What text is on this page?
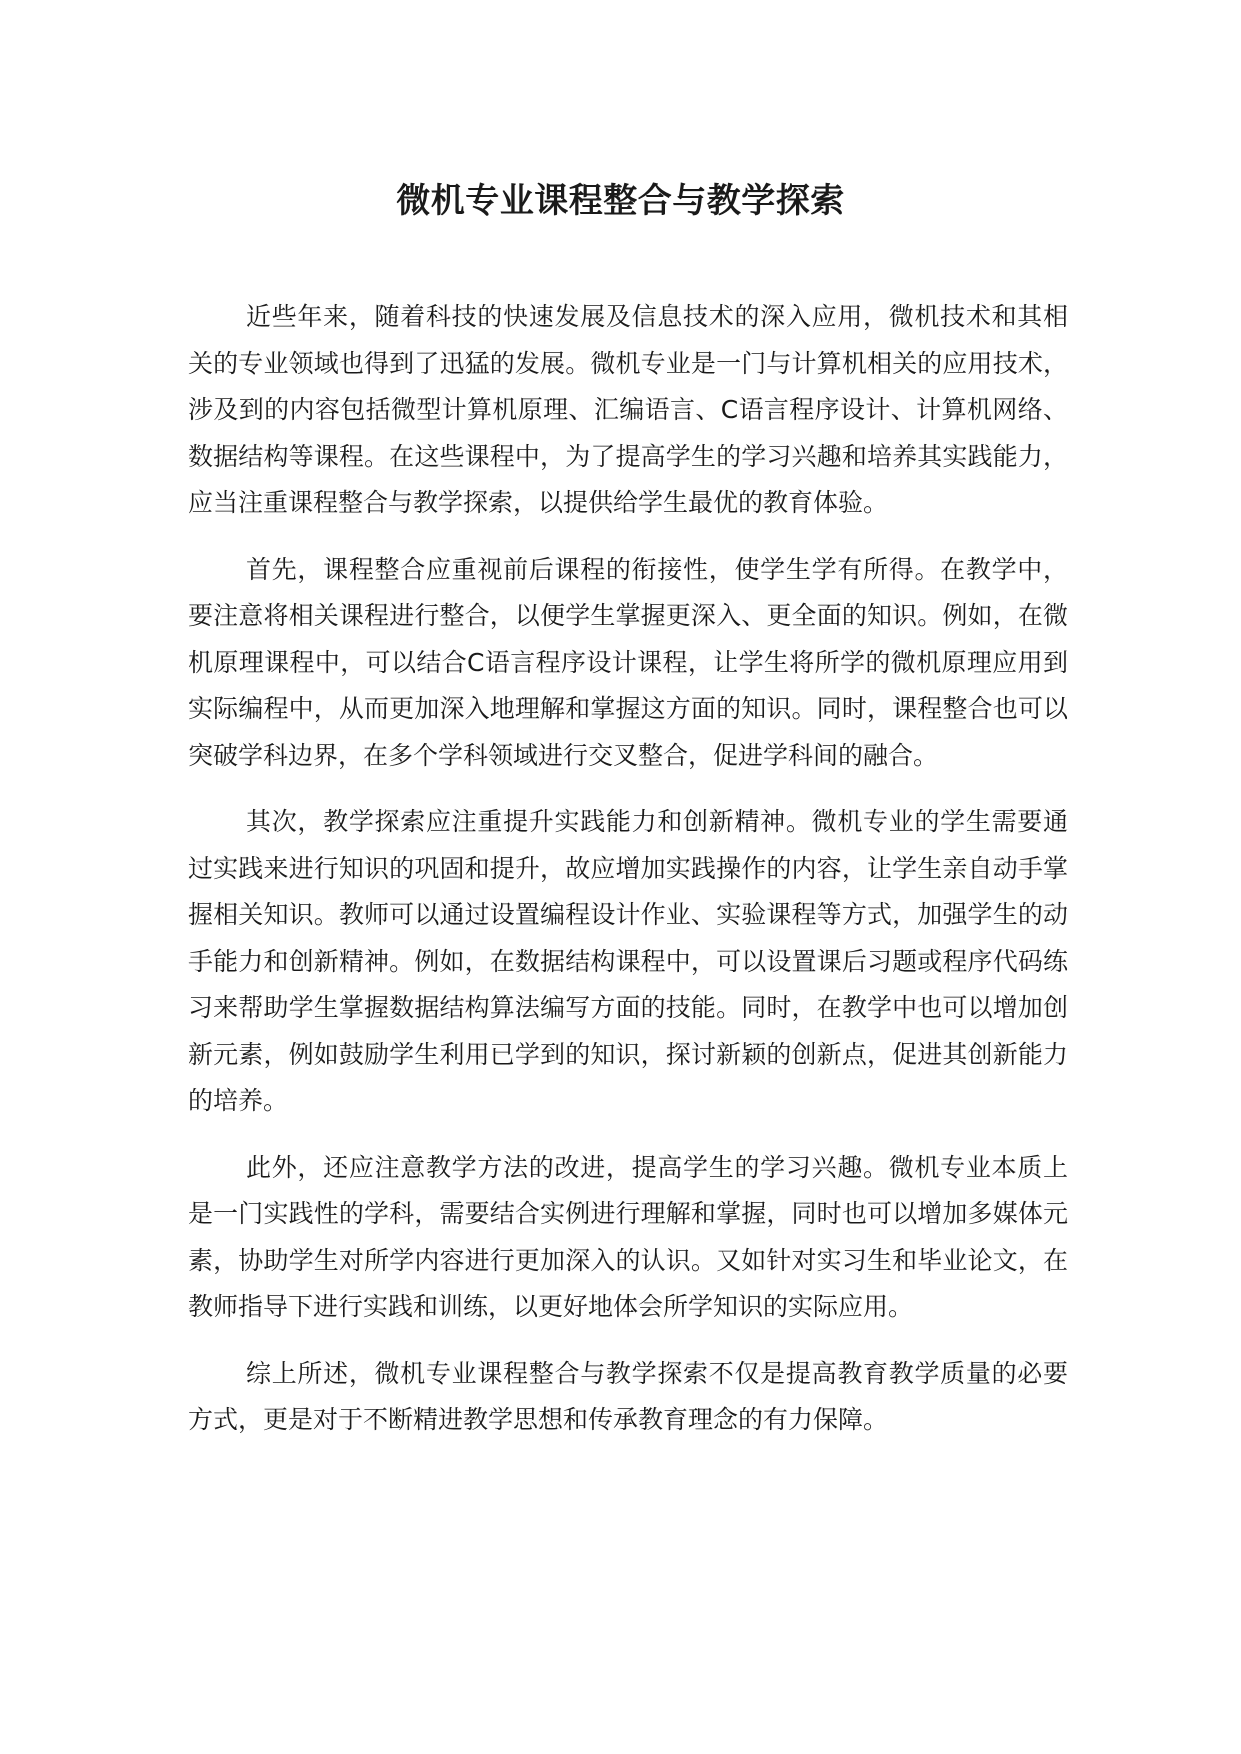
微机专业课程整合与教学探索

近些年来，随着科技的快速发展及信息技术的深入应用，微机技术和其相关的专业领域也得到了迅猛的发展。微机专业是一门与计算机相关的应用技术，涉及到的内容包括微型计算机原理、汇编语言、C语言程序设计、计算机网络、数据结构等课程。在这些课程中，为了提高学生的学习兴趣和培养其实践能力，应当注重课程整合与教学探索，以提供给学生最优的教育体验。

首先，课程整合应重视前后课程的衔接性，使学生学有所得。在教学中，要注意将相关课程进行整合，以便学生掌握更深入、更全面的知识。例如，在微机原理课程中，可以结合C语言程序设计课程，让学生将所学的微机原理应用到实际编程中，从而更加深入地理解和掌握这方面的知识。同时，课程整合也可以突破学科边界，在多个学科领域进行交叉整合，促进学科间的融合。

其次，教学探索应注重提升实践能力和创新精神。微机专业的学生需要通过实践来进行知识的巩固和提升，故应增加实践操作的内容，让学生亲自动手掌握相关知识。教师可以通过设置编程设计作业、实验课程等方式，加强学生的动手能力和创新精神。例如，在数据结构课程中，可以设置课后习题或程序代码练习来帮助学生掌握数据结构算法编写方面的技能。同时，在教学中也可以增加创新元素，例如鼓励学生利用已学到的知识，探讨新颖的创新点，促进其创新能力的培养。

此外，还应注意教学方法的改进，提高学生的学习兴趣。微机专业本质上是一门实践性的学科，需要结合实例进行理解和掌握，同时也可以增加多媒体元素，协助学生对所学内容进行更加深入的认识。又如针对实习生和毕业论文，在教师指导下进行实践和训练，以更好地体会所学知识的实际应用。

综上所述，微机专业课程整合与教学探索不仅是提高教育教学质量的必要方式，更是对于不断精进教学思想和传承教育理念的有力保障。
